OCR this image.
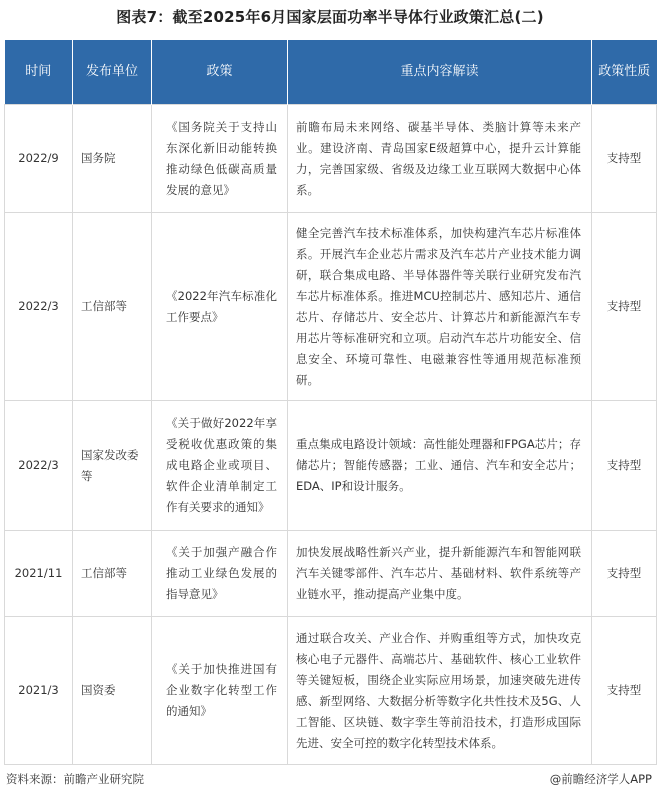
图表7：截至2025年6月国家层面功率半导体行业政策汇总(二)
时间	发布单位	政策	重点内容解读	政策性质
2022/9	国务院	《国务院关于支持山东深化新旧动能转换推动绿色低碳高质量发展的意见》	前瞻布局未来网络、碳基半导体、类脑计算等未来产业。建设济南、青岛国家E级超算中心，提升云计算能力，完善国家级、省级及边缘工业互联网大数据中心体系。	支持型
2022/3	工信部等	《2022年汽车标准化工作要点》	健全完善汽车技术标准体系，加快构建汽车芯片标准体系。开展汽车企业芯片需求及汽车芯片产业技术能力调研，联合集成电路、半导体器件等关联行业研究发布汽车芯片标准体系。推进MCU控制芯片、感知芯片、通信芯片、存储芯片、安全芯片、计算芯片和新能源汽车专用芯片等标准研究和立项。启动汽车芯片功能安全、信息安全、环境可靠性、电磁兼容性等通用规范标准预研。	支持型
2022/3	国家发改委等	《关于做好2022年享受税收优惠政策的集成电路企业或项目、软件企业清单制定工作有关要求的通知》	重点集成电路设计领域：高性能处理器和FPGA芯片；存储芯片；智能传感器；工业、通信、汽车和安全芯片；EDA、IP和设计服务。	支持型
2021/11	工信部等	《关于加强产融合作推动工业绿色发展的指导意见》	加快发展战略性新兴产业，提升新能源汽车和智能网联汽车关键零部件、汽车芯片、基础材料、软件系统等产业链水平，推动提高产业集中度。	支持型
2021/3	国资委	《关于加快推进国有企业数字化转型工作的通知》	通过联合攻关、产业合作、并购重组等方式，加快攻克核心电子元器件、高端芯片、基础软件、核心工业软件等关键短板，围绕企业实际应用场景，加速突破先进传感、新型网络、大数据分析等数字化共性技术及5G、人工智能、区块链、数字孪生等前沿技术，打造形成国际先进、安全可控的数字化转型技术体系。	支持型
资料来源：前瞻产业研究院	@前瞻经济学人APP
